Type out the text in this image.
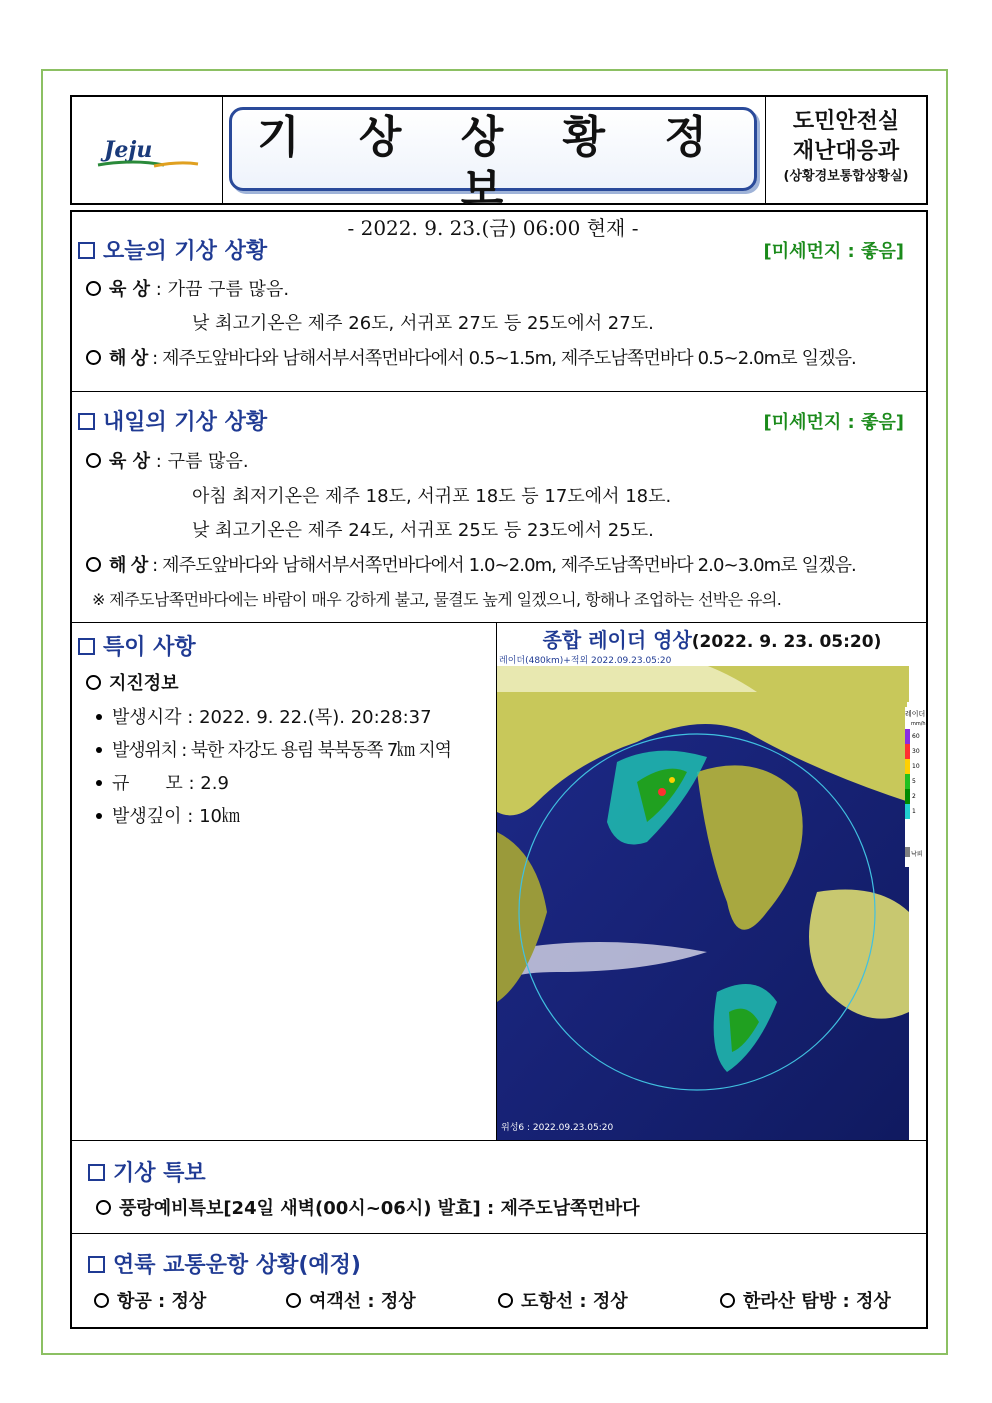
Jeju	기 상 상 황 정 보
- 2022. 9. 23.(금) 06:00 현재 -
도민안전실
재난대응과
(상황경보통합상황실)
오늘의 기상 상황	[미세먼지 : 좋음]
육 상 : 가끔 구름 많음.
낮 최고기온은 제주 26도, 서귀포 27도 등 25도에서 27도.
해 상 : 제주도앞바다와 남해서부서쪽먼바다에서 0.5~1.5m, 제주도남쪽먼바다 0.5~2.0m로 일겠음.
내일의 기상 상황	[미세먼지 : 좋음]
육 상 : 구름 많음.
아침 최저기온은 제주 18도, 서귀포 18도 등 17도에서 18도.
낮 최고기온은 제주 24도, 서귀포 25도 등 23도에서 25도.
해 상 : 제주도앞바다와 남해서부서쪽먼바다에서 1.0~2.0m, 제주도남쪽먼바다 2.0~3.0m로 일겠음.
※ 제주도남쪽먼바다에는 바람이 매우 강하게 불고, 물결도 높게 일겠으니, 항해나 조업하는 선박은 유의.
특이 사항
지진정보
발생시각 : 2022. 9. 22.(목). 20:28:37
발생위치 : 북한 자강도 용림 북북동쪽 7㎞ 지역
규　　모 : 2.9
발생깊이 : 10㎞
종합 레이더 영상(2022. 9. 23. 05:20)
레이더(480km)+적외 2022.09.23.05:20
위성6 : 2022.09.23.05:20
레이더
mm/h
60
30
10
5
2
1
낙뢰
기상 특보
풍랑예비특보[24일 새벽(00시~06시) 발효] : 제주도남쪽먼바다
연륙 교통운항 상황(예정)
항공 : 정상	여객선 : 정상	도항선 : 정상	한라산 탐방 : 정상
